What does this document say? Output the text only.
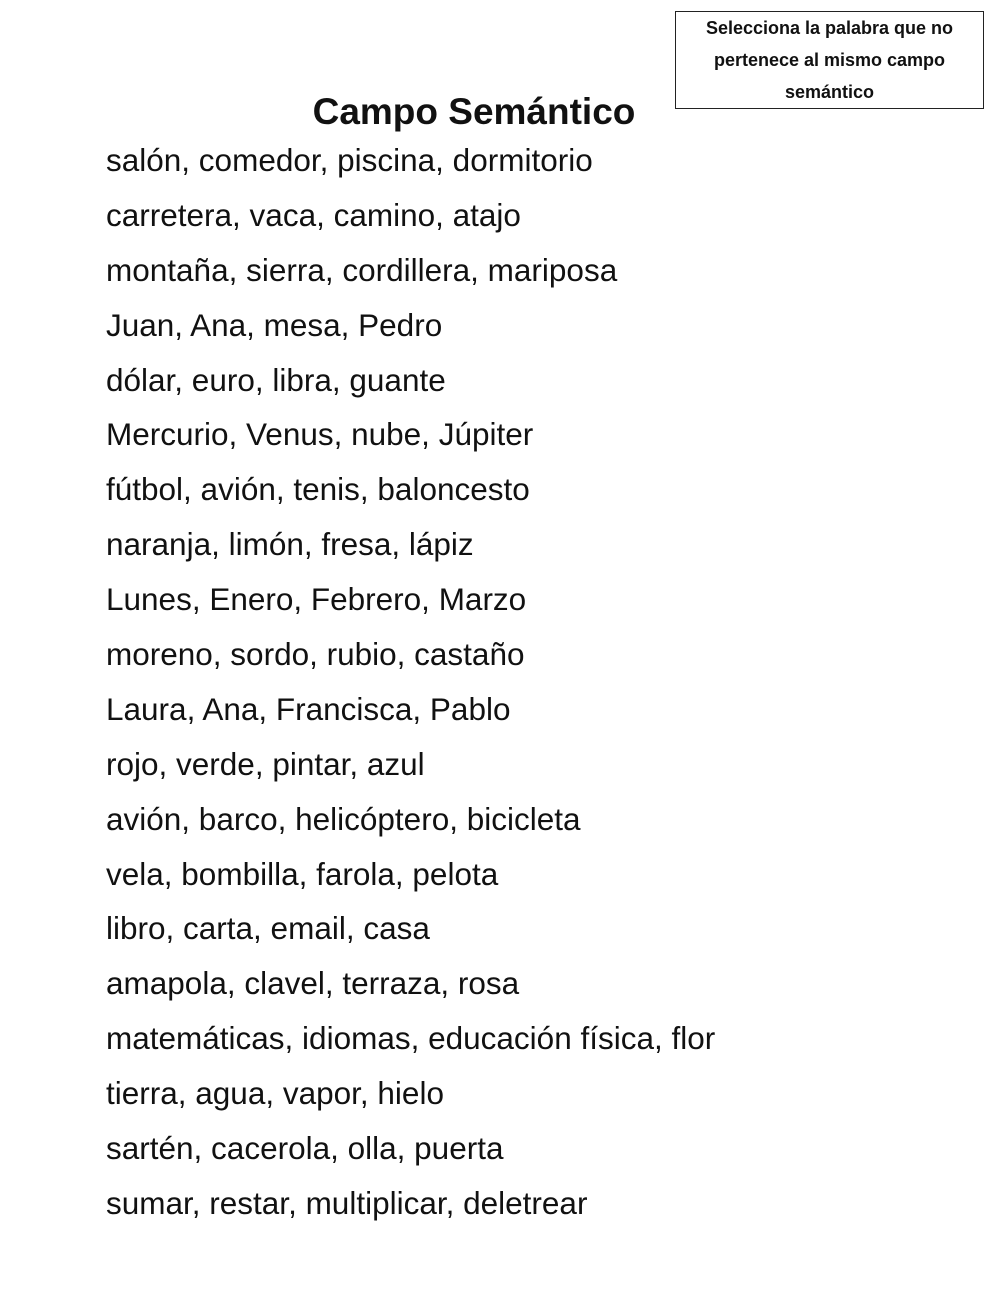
Selecciona la palabra que no pertenece al mismo campo semántico
Campo Semántico
salón, comedor, piscina, dormitorio
carretera, vaca, camino, atajo
montaña, sierra, cordillera, mariposa
Juan, Ana, mesa, Pedro
dólar, euro, libra, guante
Mercurio, Venus, nube, Júpiter
fútbol, avión, tenis, baloncesto
naranja, limón, fresa, lápiz
Lunes, Enero, Febrero, Marzo
moreno, sordo, rubio, castaño
Laura, Ana, Francisca, Pablo
rojo, verde, pintar, azul
avión, barco, helicóptero, bicicleta
vela, bombilla, farola, pelota
libro, carta, email, casa
amapola, clavel, terraza, rosa
matemáticas, idiomas, educación física, flor
tierra, agua, vapor, hielo
sartén, cacerola, olla, puerta
sumar, restar, multiplicar, deletrear
